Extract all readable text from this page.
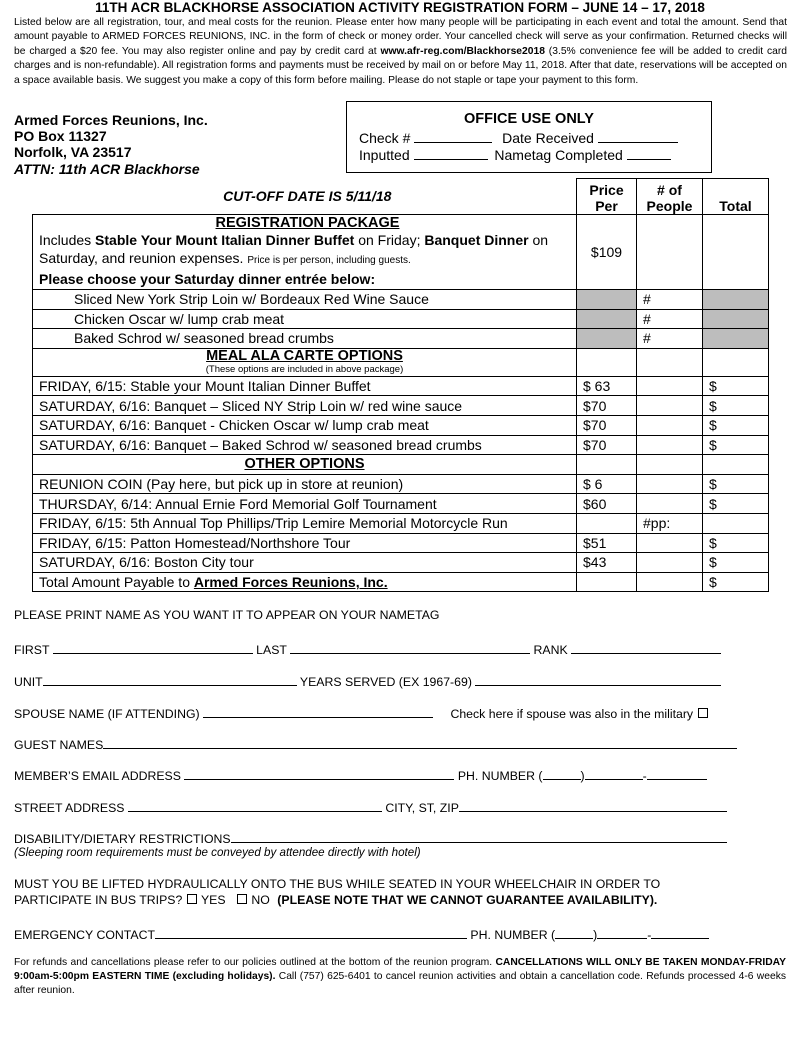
11TH ACR BLACKHORSE ASSOCIATION ACTIVITY REGISTRATION FORM – JUNE 14 – 17, 2018
Listed below are all registration, tour, and meal costs for the reunion. Please enter how many people will be participating in each event and total the amount. Send that amount payable to ARMED FORCES REUNIONS, INC. in the form of check or money order. Your cancelled check will serve as your confirmation. Returned checks will be charged a $20 fee. You may also register online and pay by credit card at www.afr-reg.com/Blackhorse2018 (3.5% convenience fee will be added to credit card charges and is non-refundable). All registration forms and payments must be received by mail on or before May 11, 2018. After that date, reservations will be accepted on a space available basis. We suggest you make a copy of this form before mailing. Please do not staple or tape your payment to this form.
Armed Forces Reunions, Inc.
PO Box 11327
Norfolk, VA 23517
ATTN: 11th ACR Blackhorse
OFFICE USE ONLY
Check #	Date Received
Inputted	Nametag Completed
CUT-OFF DATE IS 5/11/18	Price Per	# of People	Total

REGISTRATION PACKAGE
Includes Stable Your Mount Italian Dinner Buffet on Friday; Banquet Dinner on Saturday, and reunion expenses. Price is per person, including guests.
Please choose your Saturday dinner entrée below:	$109		
Sliced New York Strip Loin w/ Bordeaux Red Wine Sauce		#	
Chicken Oscar w/ lump crab meat		#	
Baked Schrod w/ seasoned bread crumbs		#	
MEAL ALA CARTE OPTIONS			
(These options are included in above package)			
FRIDAY, 6/15: Stable your Mount Italian Dinner Buffet	$ 63		$
SATURDAY, 6/16: Banquet – Sliced NY Strip Loin w/ red wine sauce	$70		$
SATURDAY, 6/16: Banquet - Chicken Oscar w/ lump crab meat	$70		$
SATURDAY, 6/16: Banquet – Baked Schrod w/ seasoned bread crumbs	$70		$
OTHER OPTIONS			
REUNION COIN (Pay here, but pick up in store at reunion)	$ 6		$
THURSDAY, 6/14: Annual Ernie Ford Memorial Golf Tournament	$60		$
FRIDAY, 6/15: 5th Annual Top Phillips/Trip Lemire Memorial Motorcycle Run		#pp:	
FRIDAY, 6/15: Patton Homestead/Northshore Tour	$51		$
SATURDAY, 6/16: Boston City tour	$43		$
Total Amount Payable to Armed Forces Reunions, Inc.			$
PLEASE PRINT NAME AS YOU WANT IT TO APPEAR ON YOUR NAMETAG
FIRST	LAST	RANK
UNIT	YEARS SERVED (EX 1967-69)
SPOUSE NAME (IF ATTENDING)	Check here if spouse was also in the military
GUEST NAMES
MEMBER’S EMAIL ADDRESS	PH. NUMBER (	)	-
STREET ADDRESS	CITY, ST, ZIP
DISABILITY/DIETARY RESTRICTIONS
(Sleeping room requirements must be conveyed by attendee directly with hotel)
MUST YOU BE LIFTED HYDRAULICALLY ONTO THE BUS WHILE SEATED IN YOUR WHEELCHAIR IN ORDER TO
PARTICIPATE IN BUS TRIPS? YES NO (PLEASE NOTE THAT WE CANNOT GUARANTEE AVAILABILITY).
EMERGENCY CONTACT	PH. NUMBER (	)	-
For refunds and cancellations please refer to our policies outlined at the bottom of the reunion program. CANCELLATIONS WILL ONLY BE TAKEN MONDAY-FRIDAY 9:00am-5:00pm EASTERN TIME (excluding holidays). Call (757) 625-6401 to cancel reunion activities and obtain a cancellation code. Refunds processed 4-6 weeks after reunion.
